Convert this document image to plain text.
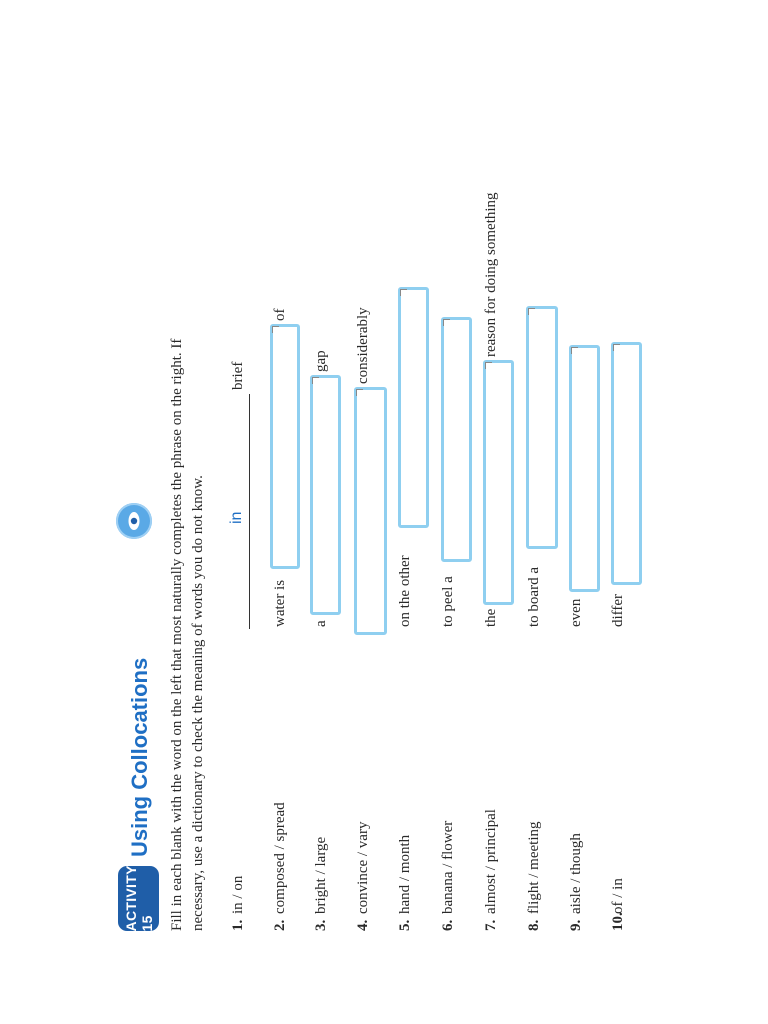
ACTIVITY 15
Using Collocations	Fill in each blank with the word on the left that most naturally completes the phrase on the right. If necessary, use a dictionary to check the meaning of words you do not know. 1.
in / on
in
brief
2.
composed / spread
water is
of
3.
bright / large
a
gap
4.
convince / vary
considerably
5.
hand / month
on the other
6.
banana / flower
to peel a
7.
almost / principal
the
reason for doing something
8.
flight / meeting
to board a
9.
aisle / though
even
10.
of / in
differ
